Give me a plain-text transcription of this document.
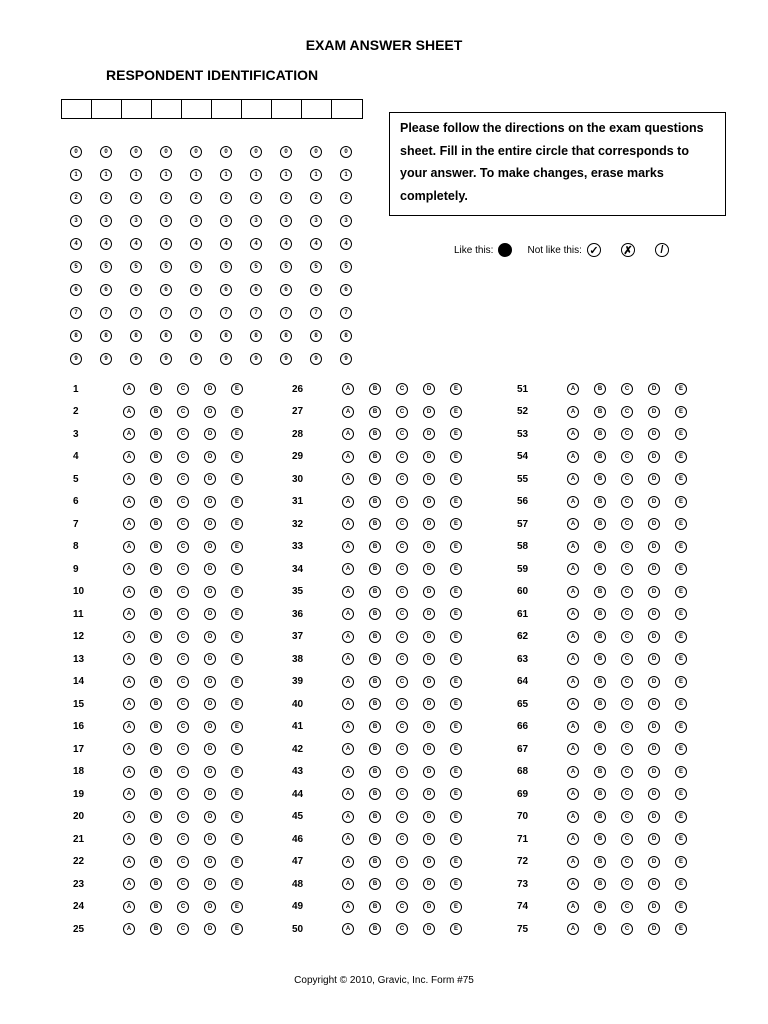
EXAM ANSWER SHEET
RESPONDENT IDENTIFICATION
0	0	0	0	0	0	0	0	0	0
1	1	1	1	1	1	1	1	1	1
2	2	2	2	2	2	2	2	2	2
3	3	3	3	3	3	3	3	3	3
4	4	4	4	4	4	4	4	4	4
5	5	5	5	5	5	5	5	5	5
6	6	6	6	6	6	6	6	6	6
7	7	7	7	7	7	7	7	7	7
8	8	8	8	8	8	8	8	8	8
9	9	9	9	9	9	9	9	9	9
Please follow the directions on the exam questions sheet. Fill in the entire circle that corresponds to your answer. To make changes, erase marks completely.
Like this:	Not like this: ✓ ✗	/
1	A	B	C	D	E
2	A	B	C	D	E
3	A	B	C	D	E
4	A	B	C	D	E
5	A	B	C	D	E
6	A	B	C	D	E
7	A	B	C	D	E
8	A	B	C	D	E
9	A	B	C	D	E
10	A	B	C	D	E
11	A	B	C	D	E
12	A	B	C	D	E
13	A	B	C	D	E
14	A	B	C	D	E
15	A	B	C	D	E
16	A	B	C	D	E
17	A	B	C	D	E
18	A	B	C	D	E
19	A	B	C	D	E
20	A	B	C	D	E
21	A	B	C	D	E
22	A	B	C	D	E
23	A	B	C	D	E
24	A	B	C	D	E
25	A	B	C	D	E
26	A	B	C	D	E
27	A	B	C	D	E
28	A	B	C	D	E
29	A	B	C	D	E
30	A	B	C	D	E
31	A	B	C	D	E
32	A	B	C	D	E
33	A	B	C	D	E
34	A	B	C	D	E
35	A	B	C	D	E
36	A	B	C	D	E
37	A	B	C	D	E
38	A	B	C	D	E
39	A	B	C	D	E
40	A	B	C	D	E
41	A	B	C	D	E
42	A	B	C	D	E
43	A	B	C	D	E
44	A	B	C	D	E
45	A	B	C	D	E
46	A	B	C	D	E
47	A	B	C	D	E
48	A	B	C	D	E
49	A	B	C	D	E
50	A	B	C	D	E
51	A	B	C	D	E
52	A	B	C	D	E
53	A	B	C	D	E
54	A	B	C	D	E
55	A	B	C	D	E
56	A	B	C	D	E
57	A	B	C	D	E
58	A	B	C	D	E
59	A	B	C	D	E
60	A	B	C	D	E
61	A	B	C	D	E
62	A	B	C	D	E
63	A	B	C	D	E
64	A	B	C	D	E
65	A	B	C	D	E
66	A	B	C	D	E
67	A	B	C	D	E
68	A	B	C	D	E
69	A	B	C	D	E
70	A	B	C	D	E
71	A	B	C	D	E
72	A	B	C	D	E
73	A	B	C	D	E
74	A	B	C	D	E
75	A	B	C	D	E
Copyright © 2010, Gravic, Inc. Form #75
